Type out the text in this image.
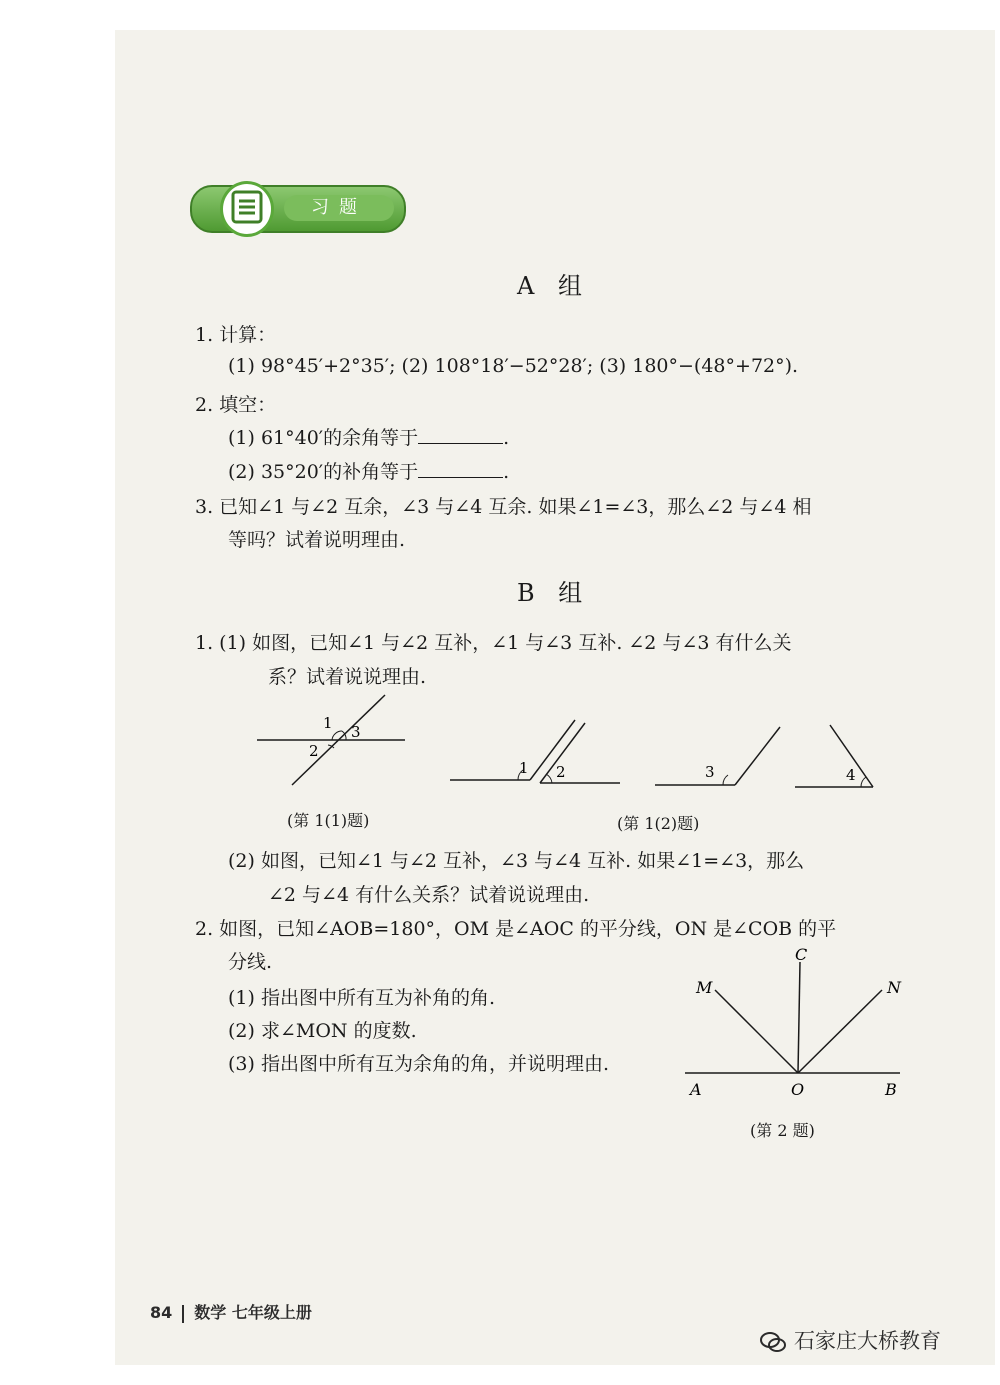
习题
A 组
1. 计算：
(1) 98°45′+2°35′; (2) 108°18′−52°28′; (3) 180°−(48°+72°).
2. 填空：
(1) 61°40′的余角等于	.
(2) 35°20′的补角等于	.
3. 已知∠1 与∠2 互余，∠3 与∠4 互余. 如果∠1=∠3，那么∠2 与∠4 相
等吗？试着说明理由.
B 组
1. (1) 如图，已知∠1 与∠2 互补，∠1 与∠3 互补. ∠2 与∠3 有什么关
系？试着说说理由.
1
2
3
(第 1(1)题)
1 2	3	4
(第 1(2)题)
(2) 如图，已知∠1 与∠2 互补，∠3 与∠4 互补. 如果∠1=∠3，那么
∠2 与∠4 有什么关系？试着说说理由.
2. 如图，已知∠AOB=180°，OM 是∠AOC 的平分线，ON 是∠COB 的平
分线.
(1) 指出图中所有互为补角的角.
(2) 求∠MON 的度数.
(3) 指出图中所有互为余角的角，并说明理由.
A	O	B
C
M	N
(第 2 题)
84 数学 七年级上册
石家庄大桥教育
